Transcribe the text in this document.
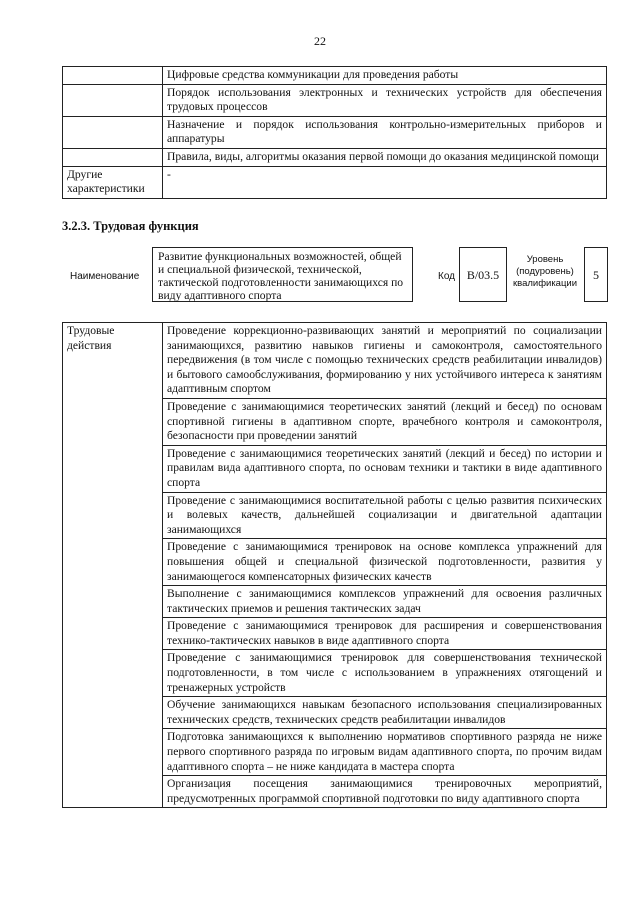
22
	Цифровые средства коммуникации для проведения работы
	Порядок использования электронных и технических устройств для обеспечения трудовых процессов
	Назначение и порядок использования контрольно-измерительных приборов и аппаратуры
	Правила, виды, алгоритмы оказания первой помощи до оказания медицинской помощи
Другие характеристики	-
3.2.3. Трудовая функция
Наименование
Развитие функциональных возможностей, общей и специальной физической, технической, тактической подготовленности занимающихся по виду адаптивного спорта
Код B/03.5
Уровень (подуровень) квалификации
5
Трудовые действия	Проведение коррекционно-развивающих занятий и мероприятий по социализации занимающихся, развитию навыков гигиены и самоконтроля, самостоятельного передвижения (в том числе с помощью технических средств реабилитации инвалидов) и бытового самообслуживания, формированию у них устойчивого интереса к занятиям адаптивным спортом
Проведение с занимающимися теоретических занятий (лекций и бесед) по основам спортивной гигиены в адаптивном спорте, врачебного контроля и самоконтроля, безопасности при проведении занятий
Проведение с занимающимися теоретических занятий (лекций и бесед) по истории и правилам вида адаптивного спорта, по основам техники и тактики в виде адаптивного спорта
Проведение с занимающимися воспитательной работы с целью развития психических и волевых качеств, дальнейшей социализации и двигательной адаптации занимающихся
Проведение с занимающимися тренировок на основе комплекса упражнений для повышения общей и специальной физической подготовленности, развития у занимающегося компенсаторных физических качеств
Выполнение с занимающимися комплексов упражнений для освоения различных тактических приемов и решения тактических задач
Проведение с занимающимися тренировок для расширения и совершенствования технико-тактических навыков в виде адаптивного спорта
Проведение с занимающимися тренировок для совершенствования технической подготовленности, в том числе с использованием в упражнениях отягощений и тренажерных устройств
Обучение занимающихся навыкам безопасного использования специализированных технических средств, технических средств реабилитации инвалидов
Подготовка занимающихся к выполнению нормативов спортивного разряда не ниже первого спортивного разряда по игровым видам адаптивного спорта, по прочим видам адаптивного спорта – не ниже кандидата в мастера спорта
Организация посещения занимающимися тренировочных мероприятий, предусмотренных программой спортивной подготовки по виду адаптивного спорта
